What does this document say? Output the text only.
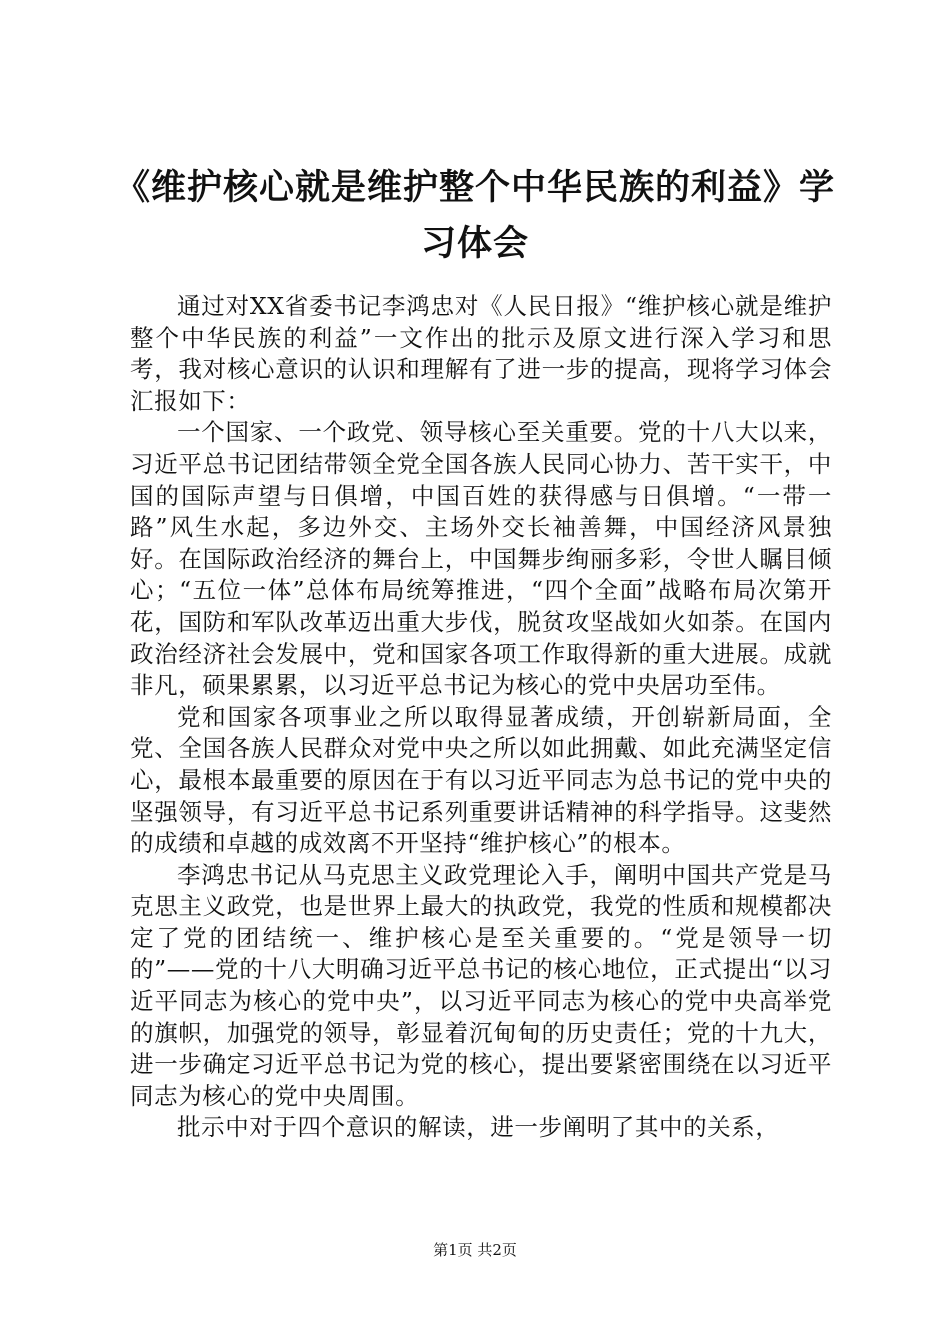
《维护核心就是维护整个中华民族的利益》学习体会

通过对XX省委书记李鸿忠对《人民日报》“维护核心就是维护整个中华民族的利益”一文作出的批示及原文进行深入学习和思考，我对核心意识的认识和理解有了进一步的提高，现将学习体会汇报如下：

一个国家、一个政党、领导核心至关重要。党的十八大以来，习近平总书记团结带领全党全国各族人民同心协力、苦干实干，中国的国际声望与日俱增，中国百姓的获得感与日俱增。“一带一路”风生水起，多边外交、主场外交长袖善舞，中国经济风景独好。在国际政治经济的舞台上，中国舞步绚丽多彩，令世人瞩目倾心；“五位一体”总体布局统筹推进，“四个全面”战略布局次第开花，国防和军队改革迈出重大步伐，脱贫攻坚战如火如荼。在国内政治经济社会发展中，党和国家各项工作取得新的重大进展。成就非凡，硕果累累，以习近平总书记为核心的党中央居功至伟。

党和国家各项事业之所以取得显著成绩，开创崭新局面，全党、全国各族人民群众对党中央之所以如此拥戴、如此充满坚定信心，最根本最重要的原因在于有以习近平同志为总书记的党中央的坚强领导，有习近平总书记系列重要讲话精神的科学指导。这斐然的成绩和卓越的成效离不开坚持“维护核心”的根本。

李鸿忠书记从马克思主义政党理论入手，阐明中国共产党是马克思主义政党，也是世界上最大的执政党，我党的性质和规模都决定了党的团结统一、维护核心是至关重要的。“党是领导一切的”——党的十八大明确习近平总书记的核心地位，正式提出“以习近平同志为核心的党中央”，以习近平同志为核心的党中央高举党的旗帜，加强党的领导，彰显着沉甸甸的历史责任；党的十九大，进一步确定习近平总书记为党的核心，提出要紧密围绕在以习近平同志为核心的党中央周围。

批示中对于四个意识的解读，进一步阐明了其中的关系，

第1页 共2页
